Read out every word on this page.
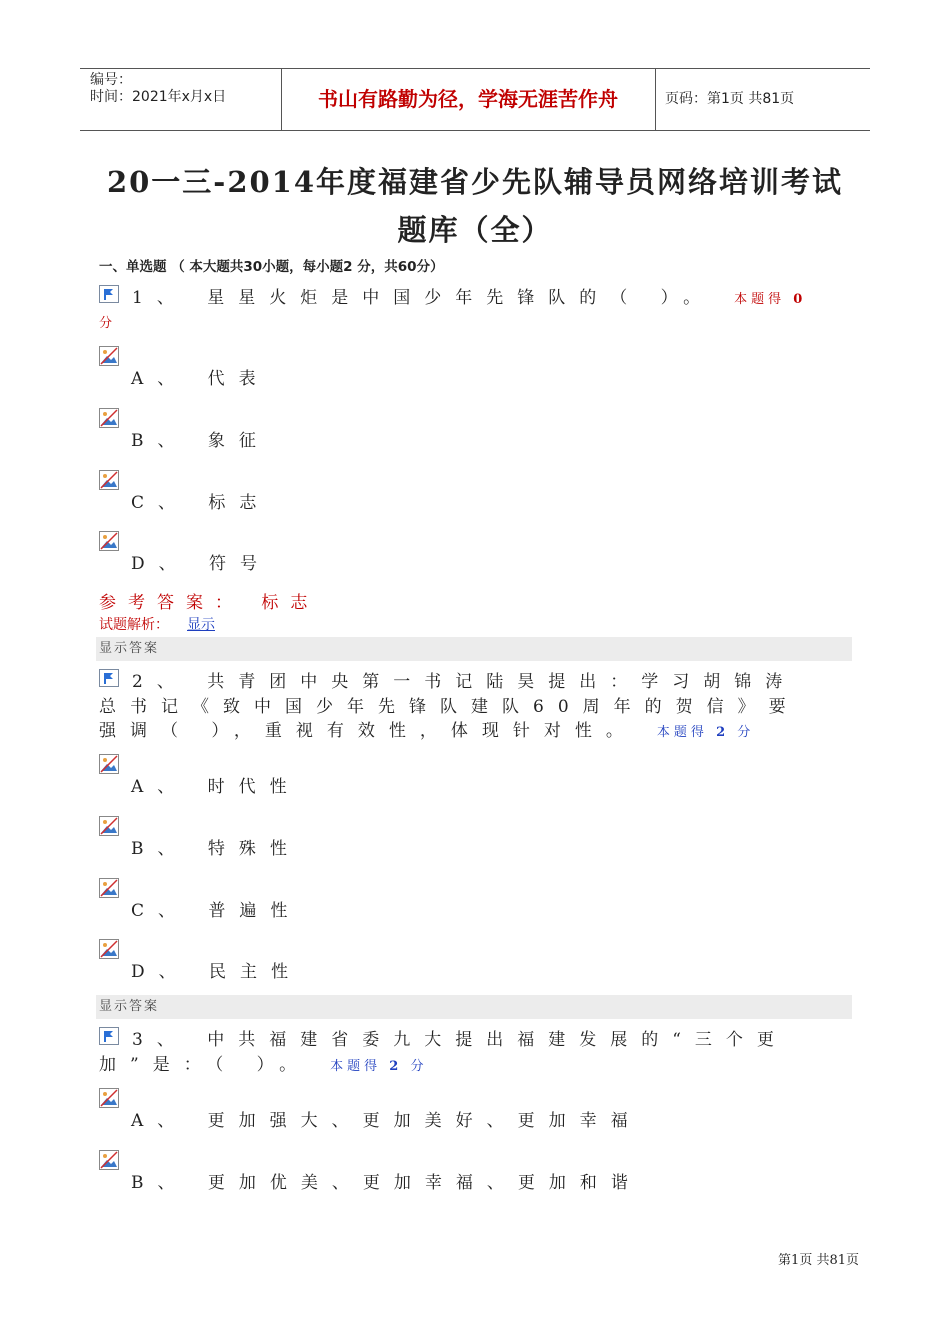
编号：
时间：2021年x月x日	书山有路勤为径，学海无涯苦作舟	页码：第1页 共81页
20一三-2014年度福建省少先队辅导员网络培训考试
题库（全）
一、单选题 （ 本大题共30小题，每小题2 分，共60分）
1、 星星火炬是中国少年先锋队的（ ）。 本题得 0
分
A、 代表
B、 象征
C、 标志
D、 符号
参考答案： 标志
试题解析： 显示
显示答案
2、 共青团中央第一书记陆昊提出：学习胡锦涛
总书记《致中国少年先锋队建队60周年的贺信》要
强调（ ），重视有效性，体现针对性。 本题得 2 分
A、 时代性
B、 特殊性
C、 普遍性
D、 民主性
显示答案
3、 中共福建省委九大提出福建发展的“三个更
加”是：（ ）。 本题得 2 分
A、 更加强大、更加美好、更加幸福
B、 更加优美、更加幸福、更加和谐
第1页 共81页
